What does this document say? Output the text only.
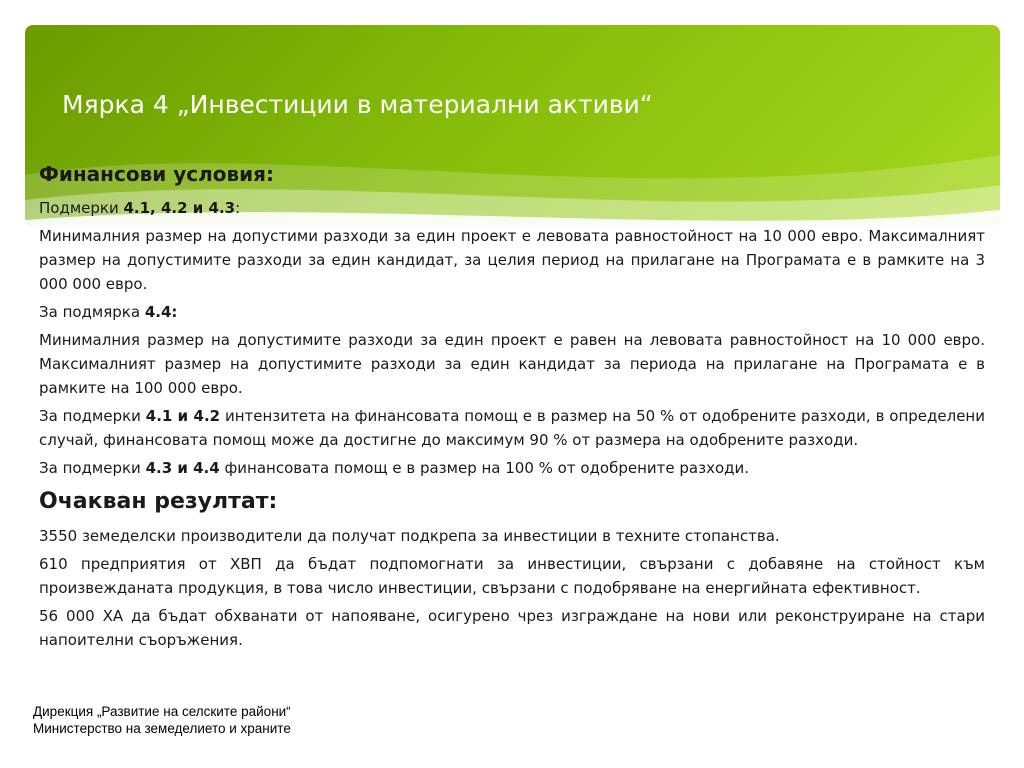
Мярка 4 „Инвестиции в материални активи“
Финансови условия:
Подмерки 4.1, 4.2 и 4.3:
Минималния размер на допустими разходи за един проект е левовата равностойност на 10 000 евро. Максималният размер на допустимите разходи за един кандидат, за целия период на прилагане на Програмата е в рамките на 3 000 000 евро.
За подмярка 4.4:
Минималния размер на допустимите разходи за един проект е равен на левовата равностойност на 10 000 евро. Максималният размер на допустимите разходи за един кандидат за периода на прилагане на Програмата е в рамките на 100 000 евро.
За подмерки 4.1 и 4.2 интензитета на финансовата помощ е в размер на 50 % от одобрените разходи, в определени случай, финансовата помощ може да достигне до максимум 90 % от размера на одобрените разходи.
За подмерки 4.3 и 4.4 финансовата помощ е в размер на 100 % от одобрените разходи.
Очакван резултат:
3550 земеделски производители да получат подкрепа за инвестиции в техните стопанства.
610 предприятия от ХВП да бъдат подпомогнати за инвестиции, свързани с добавяне на стойност към произвежданата продукция, в това число инвестиции, свързани с подобряване на енергийната ефективност.
56 000 ХА да бъдат обхванати от напояване, осигурено чрез изграждане на нови или реконструиране на стари напоителни съоръжения.
Дирекция „Развитие на селските райони“
Министерство на земеделието и храните
